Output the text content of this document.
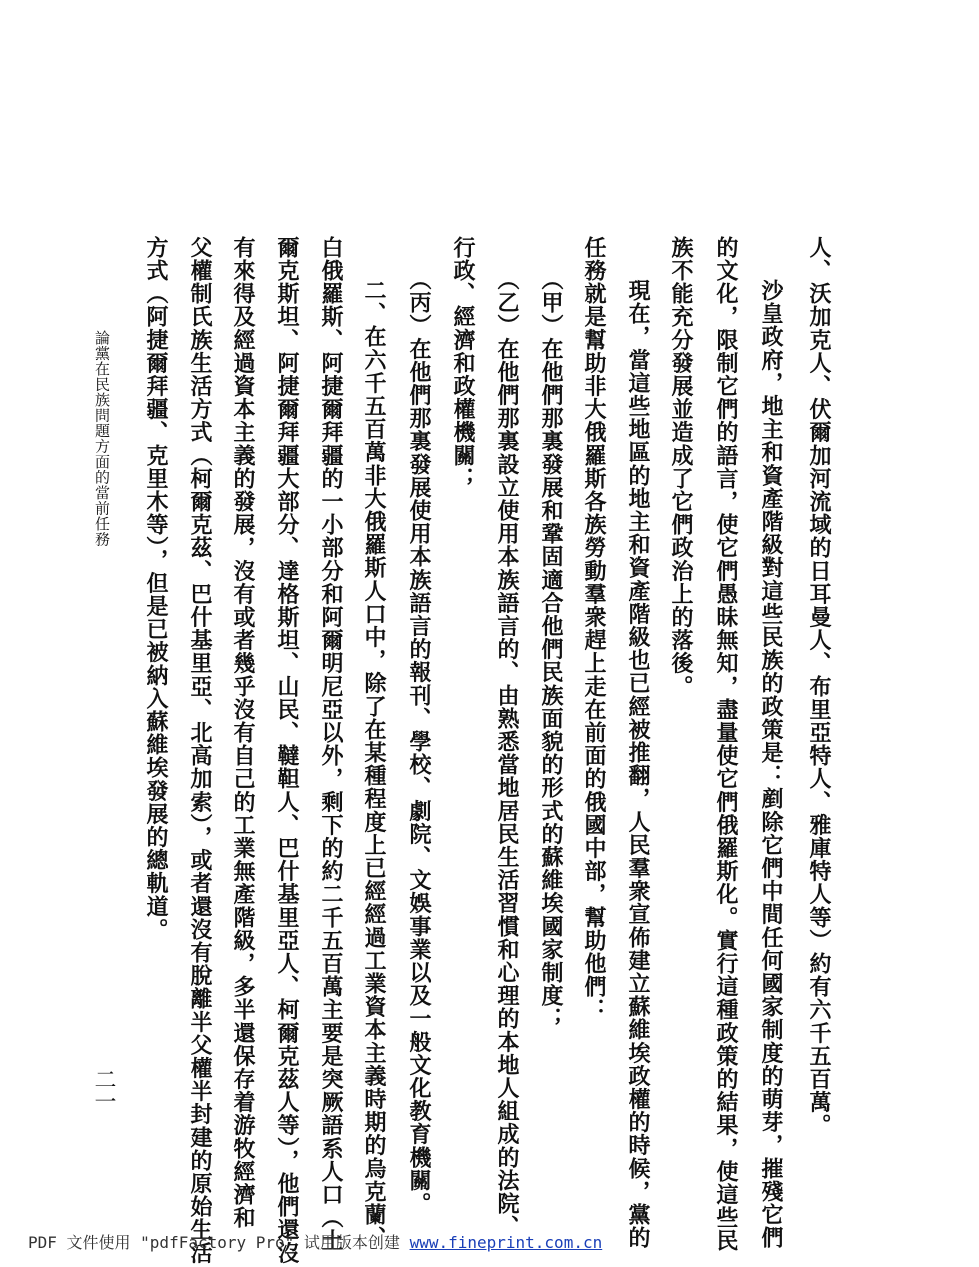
人、沃加克人、伏爾加河流域的日耳曼人、布里亞特人、雅庫特人等）約有六千五百萬。
　沙皇政府，地主和資產階級對這些民族的政策是：剷除它們中間任何國家制度的萌芽，摧殘它們
的文化，限制它們的語言，使它們愚昧無知，盡量使它們俄羅斯化。實行這種政策的結果，使這些民
族不能充分發展並造成了它們政治上的落後。
　現在，當這些地區的地主和資產階級也已經被推翻，人民羣衆宣佈建立蘇維埃政權的時候，黨的
任務就是幫助非大俄羅斯各族勞動羣衆趕上走在前面的俄國中部，幫助他們：
　（甲）在他們那裏發展和鞏固適合他們民族面貌的形式的蘇維埃國家制度；
　（乙）在他們那裏設立使用本族語言的、由熟悉當地居民生活習慣和心理的本地人組成的法院、
行政、經濟和政權機關；
　（丙）在他們那裏發展使用本族語言的報刊、學校、劇院、文娛事業以及一般文化教育機關。
　二、在六千五百萬非大俄羅斯人口中，除了在某種程度上已經經過工業資本主義時期的烏克蘭、
白俄羅斯、阿捷爾拜疆的一小部分和阿爾明尼亞以外，剩下的約二千五百萬主要是突厥語系人口（土
爾克斯坦、阿捷爾拜疆大部分、達格斯坦、山民、韃靼人、巴什基里亞人、柯爾克茲人等），他們還沒
有來得及經過資本主義的發展，沒有或者幾乎沒有自己的工業無產階級，多半還保存着游牧經濟和
父權制氏族生活方式（柯爾克茲、巴什基里亞、北高加索），或者還沒有脫離半父權半封建的原始生活
方式（阿捷爾拜疆、克里木等），但是已被納入蘇維埃發展的總軌道。
論黨在民族問題方面的當前任務
二一
PDF 文件使用 "pdfFactory Pro" 试用版本创建 www.fineprint.com.cn
